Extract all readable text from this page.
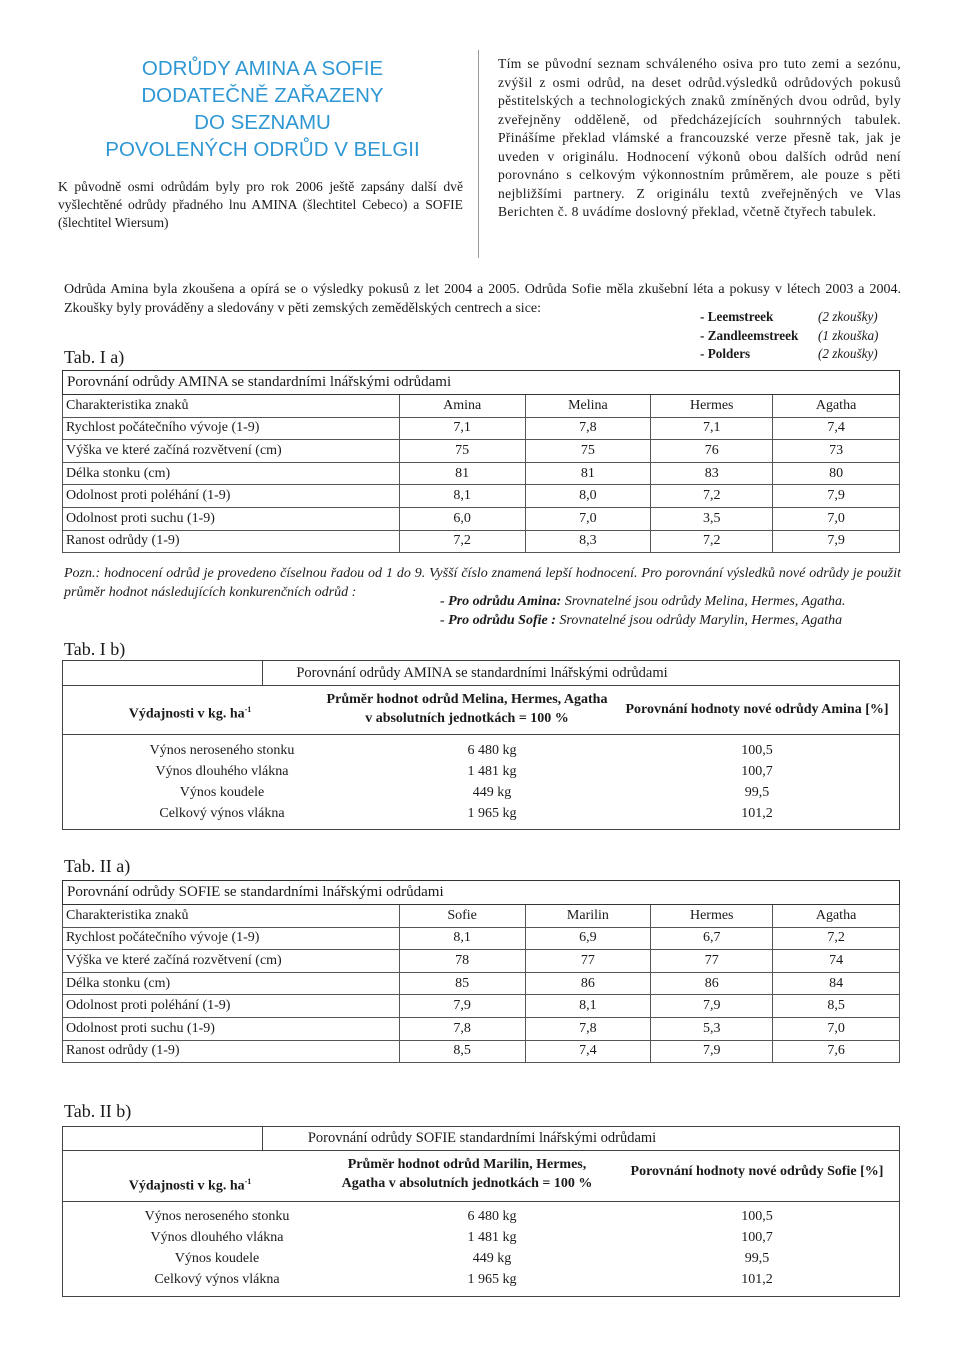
ODRŮDY AMINA A SOFIE
DODATEČNĚ ZAŘAZENY
DO SEZNAMU
POVOLENÝCH ODRŮD V BELGII
K původně osmi odrůdám byly pro rok 2006 ještě zapsány další dvě vyšlechtěné odrůdy přadného lnu AMINA (šlechtitel Cebeco) a SOFIE (šlechtitel Wiersum)
Tím se původní seznam schváleného osiva pro tuto zemi a sezónu, zvýšil z osmi odrůd, na deset odrůd.výsledků odrůdových pokusů pěstitelských a technologických znaků zmíněných dvou odrůd, byly zveřejněny odděleně, od předcházejících souhrnných tabulek. Přinášíme překlad vlámské a francouzské verze přesně tak, jak je uveden v originálu. Hodnocení výkonů obou dalších odrůd není porovnáno s celkovým výkonnostním průměrem, ale pouze s pěti nejbližšími partnery. Z originálu textů zveřejněných ve Vlas Berichten č. 8 uvádíme doslovný překlad, včetně čtyřech tabulek.
Odrůda Amina byla zkoušena a opírá se o výsledky pokusů z let 2004 a 2005. Odrůda Sofie měla zkušební léta a pokusy v létech 2003 a 2004. Zkoušky byly prováděny a sledovány v pěti zemských zemědělských centrech a sice:
- Leemstreek	(2 zkoušky)
- Zandleemstreek (1 zkouška)
- Polders	(2 zkoušky)
Tab. I a)
Porovnání odrůdy AMINA se standardními lnářskými odrůdami				
Charakteristika znaků	Amina	Melina	Hermes	Agatha
Rychlost počátečního vývoje (1-9)	7,1	7,8	7,1	7,4
Výška ve které začíná rozvětvení (cm)	75	75	76	73
Délka stonku (cm)	81	81	83	80
Odolnost proti poléhání (1-9)	8,1	8,0	7,2	7,9
Odolnost proti suchu (1-9)	6,0	7,0	3,5	7,0
Ranost odrůdy (1-9)	7,2	8,3	7,2	7,9
Pozn.: hodnocení odrůd je provedeno číselnou řadou od 1 do 9. Vyšší číslo znamená lepší hodnocení. Pro porovnání výsledků nové odrůdy je použit průměr hodnot následujících konkurenčních odrůd :
- Pro odrůdu Amina: Srovnatelné jsou odrůdy Melina, Hermes, Agatha.
- Pro odrůdu Sofie : Srovnatelné jsou odrůdy Marylin, Hermes, Agatha
Tab. I b)
Porovnání odrůdy AMINA se standardními lnářskými odrůdami
Výdajnosti v kg. $ha^{-1}$
Průměr hodnot odrůd Melina, Hermes, Agatha v absolutních jednotkách = 100 %
Porovnání hodnoty nové odrůdy Amina [%]
Výnos neroseného stonku	6 480 kg	100,5
Výnos dlouhého vlákna	1 481 kg	100,7
Výnos koudele	449 kg	99,5
Celkový výnos vlákna	1 965 kg	101,2
Tab. II a)
Porovnání odrůdy SOFIE se standardními lnářskými odrůdami				
Charakteristika znaků	Sofie	Marilin	Hermes	Agatha
Rychlost počátečního vývoje (1-9)	8,1	6,9	6,7	7,2
Výška ve které začíná rozvětvení (cm)	78	77	77	74
Délka stonku (cm)	85	86	86	84
Odolnost proti poléhání (1-9)	7,9	8,1	7,9	8,5
Odolnost proti suchu (1-9)	7,8	7,8	5,3	7,0
Ranost odrůdy (1-9)	8,5	7,4	7,9	7,6
Tab. II b)
Porovnání odrůdy SOFIE standardními lnářskými odrůdami
Výdajnosti v kg. $ha^{-1}$
Průměr hodnot odrůd Marilin, Hermes, Agatha v absolutních jednotkách = 100 %
Porovnání hodnoty nové odrůdy Sofie [%]
Výnos neroseného stonku	6 480 kg	100,5
Výnos dlouhého vlákna	1 481 kg	100,7
Výnos koudele	449 kg	99,5
Celkový výnos vlákna	1 965 kg	101,2
